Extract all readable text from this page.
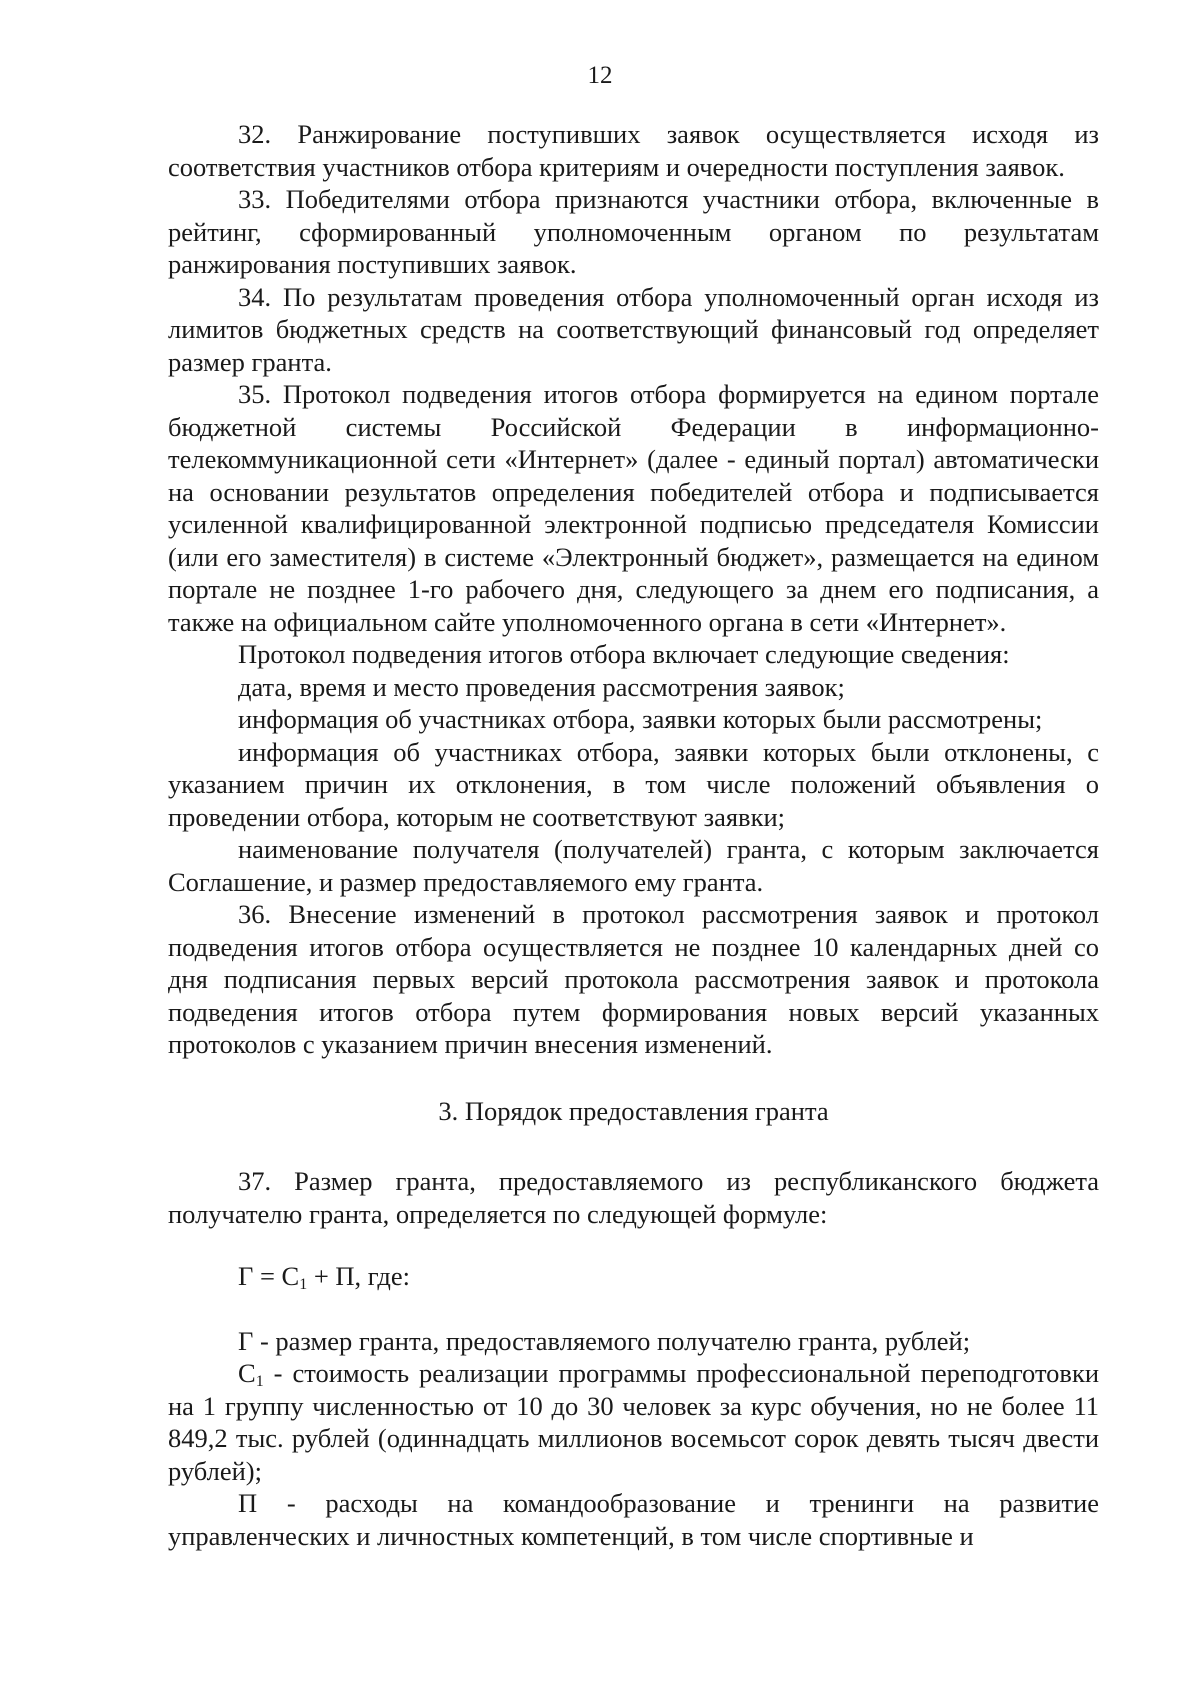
12

32. Ранжирование поступивших заявок осуществляется исходя из соответствия участников отбора критериям и очередности поступления заявок.

33. Победителями отбора признаются участники отбора, включенные в рейтинг, сформированный уполномоченным органом по результатам ранжирования поступивших заявок.

34. По результатам проведения отбора уполномоченный орган исходя из лимитов бюджетных средств на соответствующий финансовый год определяет размер гранта.

35. Протокол подведения итогов отбора формируется на едином портале бюджетной системы Российской Федерации в информационно-телекоммуникационной сети «Интернет» (далее - единый портал) автоматически на основании результатов определения победителей отбора и подписывается усиленной квалифицированной электронной подписью председателя Комиссии (или его заместителя) в системе «Электронный бюджет», размещается на едином портале не позднее 1-го рабочего дня, следующего за днем его подписания, а также на официальном сайте уполномоченного органа в сети «Интернет».

Протокол подведения итогов отбора включает следующие сведения:

дата, время и место проведения рассмотрения заявок;

информация об участниках отбора, заявки которых были рассмотрены;

информация об участниках отбора, заявки которых были отклонены, с указанием причин их отклонения, в том числе положений объявления о проведении отбора, которым не соответствуют заявки;

наименование получателя (получателей) гранта, с которым заключается Соглашение, и размер предоставляемого ему гранта.

36. Внесение изменений в протокол рассмотрения заявок и протокол подведения итогов отбора осуществляется не позднее 10 календарных дней со дня подписания первых версий протокола рассмотрения заявок и протокола подведения итогов отбора путем формирования новых версий указанных протоколов с указанием причин внесения изменений.

3. Порядок предоставления гранта

37. Размер гранта, предоставляемого из республиканского бюджета получателю гранта, определяется по следующей формуле:

$Г = С_1 + П$, где:

Г - размер гранта, предоставляемого получателю гранта, рублей;

$С_1$ - стоимость реализации программы профессиональной переподготовки на 1 группу численностью от 10 до 30 человек за курс обучения, но не более 11 849,2 тыс. рублей (одиннадцать миллионов восемьсот сорок девять тысяч двести рублей);

П - расходы на командообразование и тренинги на развитие управленческих и личностных компетенций, в том числе спортивные и
